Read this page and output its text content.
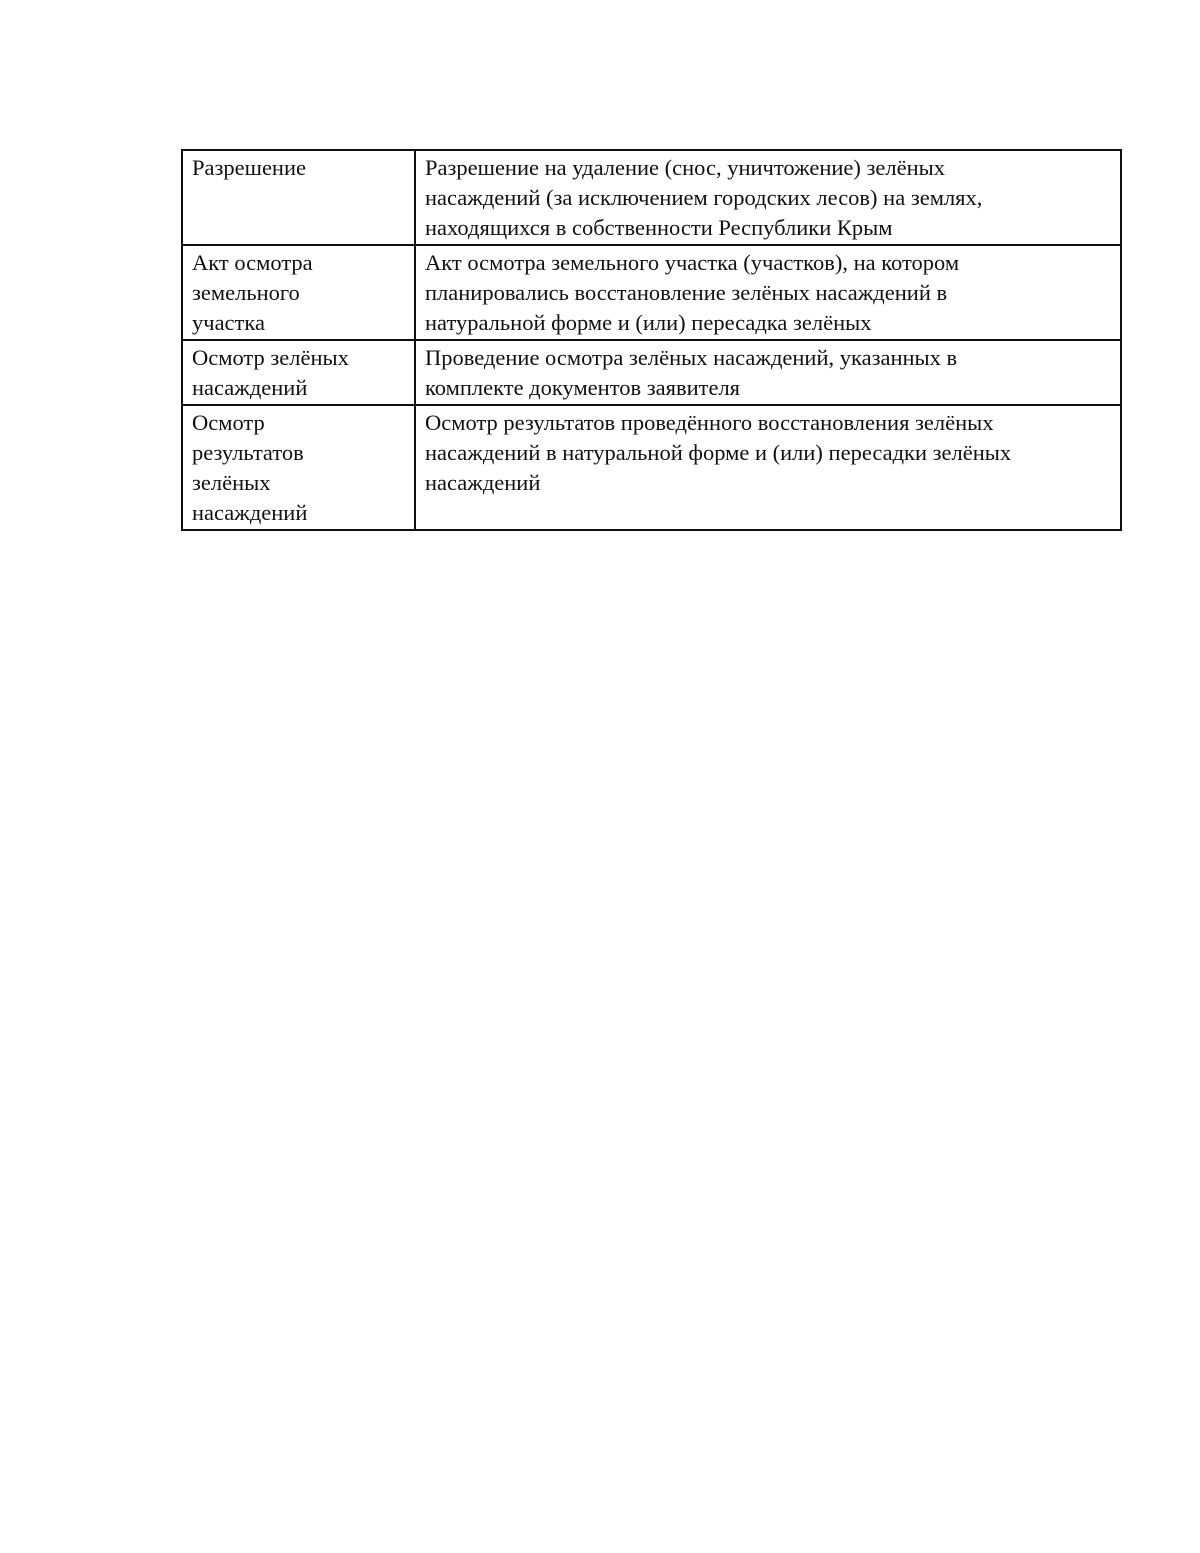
Разрешение	Разрешение на удаление (снос, уничтожение) зелёных
насаждений (за исключением городских лесов) на землях,
находящихся в собственности Республики Крым
Акт осмотра
земельного
участка	Акт осмотра земельного участка (участков), на котором
планировались восстановление зелёных насаждений в
натуральной форме и (или) пересадка зелёных
Осмотр зелёных
насаждений	Проведение осмотра зелёных насаждений, указанных в
комплекте документов заявителя
Осмотр
результатов
зелёных
насаждений	Осмотр результатов проведённого восстановления зелёных
насаждений в натуральной форме и (или) пересадки зелёных
насаждений
